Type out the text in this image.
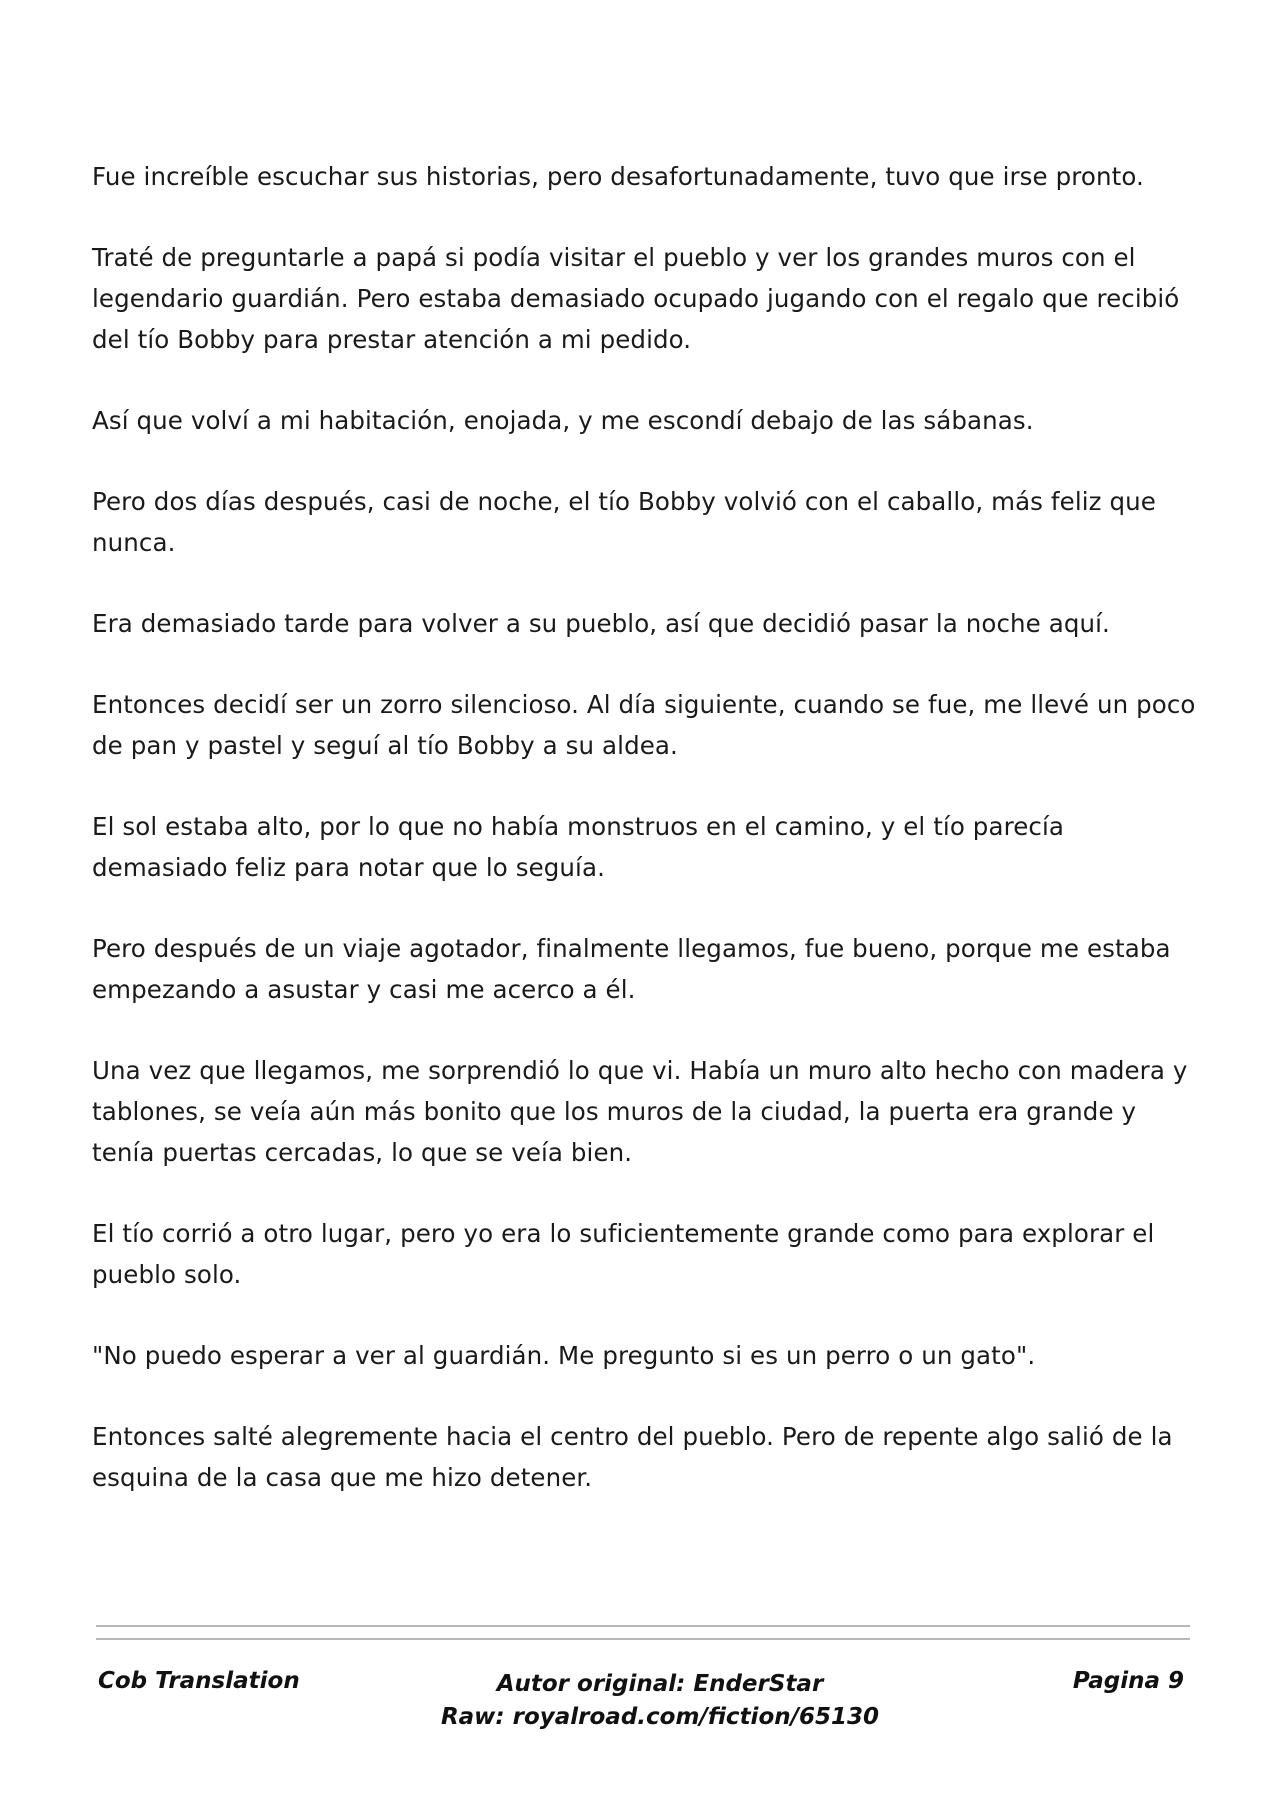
Fue increíble escuchar sus historias, pero desafortunadamente, tuvo que irse pronto.

Traté de preguntarle a papá si podía visitar el pueblo y ver los grandes muros con el legendario guardián. Pero estaba demasiado ocupado jugando con el regalo que recibió del tío Bobby para prestar atención a mi pedido.

Así que volví a mi habitación, enojada, y me escondí debajo de las sábanas.

Pero dos días después, casi de noche, el tío Bobby volvió con el caballo, más feliz que nunca.

Era demasiado tarde para volver a su pueblo, así que decidió pasar la noche aquí.

Entonces decidí ser un zorro silencioso. Al día siguiente, cuando se fue, me llevé un poco de pan y pastel y seguí al tío Bobby a su aldea.

El sol estaba alto, por lo que no había monstruos en el camino, y el tío parecía demasiado feliz para notar que lo seguía.

Pero después de un viaje agotador, finalmente llegamos, fue bueno, porque me estaba empezando a asustar y casi me acerco a él.

Una vez que llegamos, me sorprendió lo que vi. Había un muro alto hecho con madera y tablones, se veía aún más bonito que los muros de la ciudad, la puerta era grande y tenía puertas cercadas, lo que se veía bien.

El tío corrió a otro lugar, pero yo era lo suficientemente grande como para explorar el pueblo solo.

"No puedo esperar a ver al guardián. Me pregunto si es un perro o un gato".

Entonces salté alegremente hacia el centro del pueblo. Pero de repente algo salió de la esquina de la casa que me hizo detener.

Cob Translation	Autor original: EnderStar
Raw: royalroad.com/fiction/65130
Pagina 9
